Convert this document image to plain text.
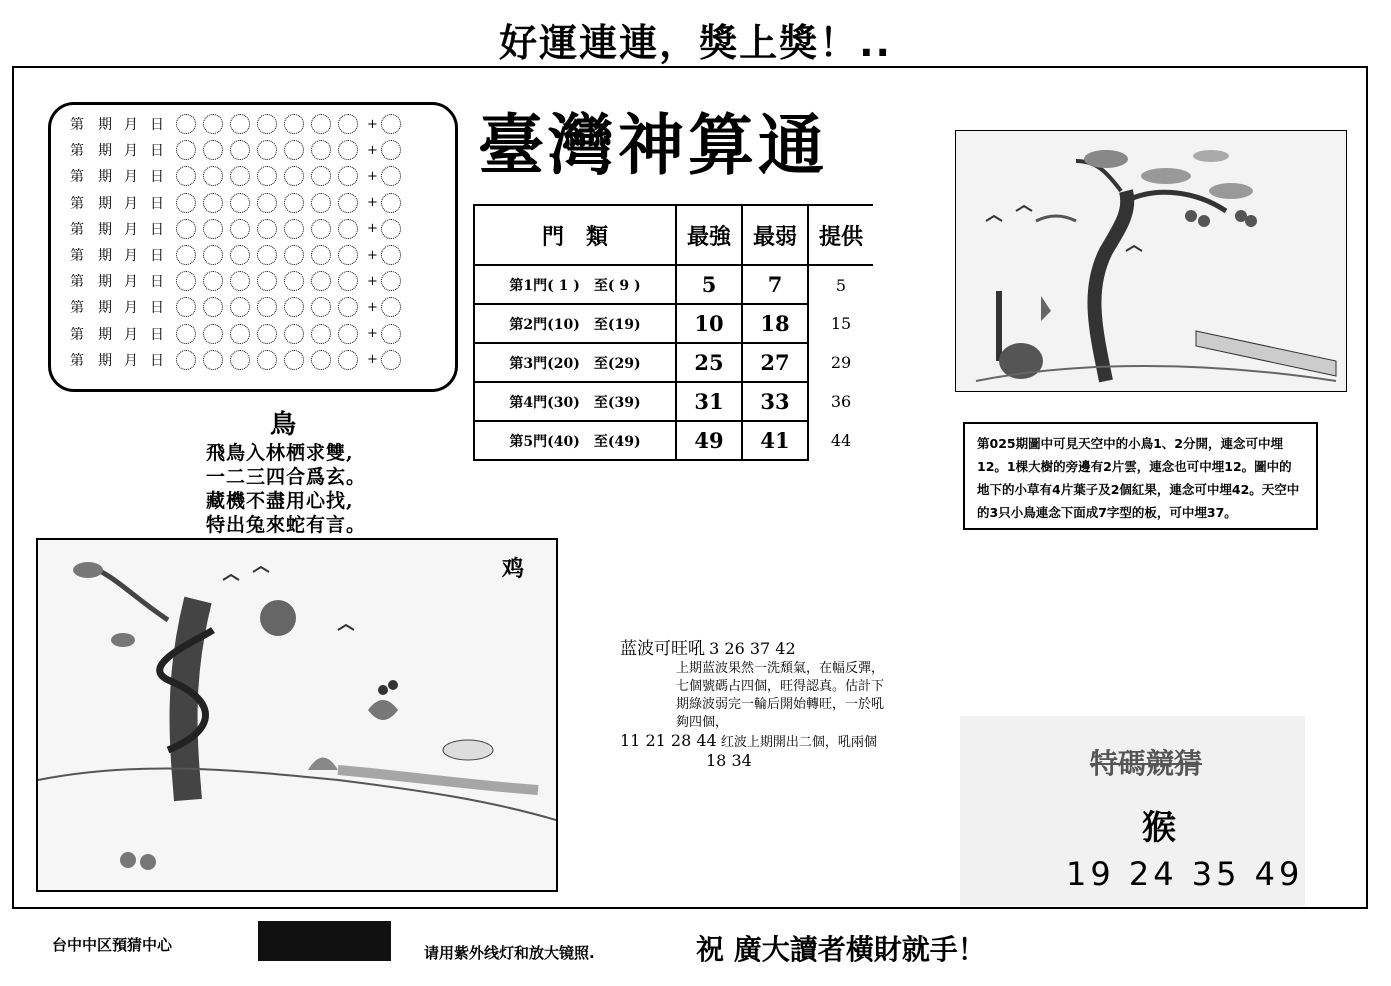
好運連連，獎上獎！..
第	期 月 日	+
第	期 月 日	+
第	期 月 日	+
第	期 月 日	+
第	期 月 日	+
第	期 月 日	+
第	期 月 日	+
第	期 月 日	+
第	期 月 日	+
第	期 月 日	+
臺灣神算通
門　類	最強	最弱	提供
第1門( 1 )　至( 9 )	5	7	5
第2門(10)　至(19)	10	18	15
第3門(20)　至(29)	25	27	29
第4門(30)　至(39)	31	33	36
第5門(40)　至(49)	49	41	44
鳥
飛鳥入林栖求雙,
一二三四合爲玄。
藏機不盡用心找,
特出兔來蛇有言。
第025期圖中可見天空中的小鳥1、2分開，連念可中埋12。1棵大樹的旁邊有2片雲，連念也可中埋12。圖中的地下的小草有4片葉子及2個紅果，連念可中埋42。天空中的3只小鳥連念下面成7字型的板，可中埋37。
鸡
蓝波可旺吼 3 26 37 42
上期蓝波果然一洗頹氣，在幅反彈，七個號碼占四個，旺得認真。估計下期綠波弱完一輪后開始轉旺，一於吼夠四個，
11 21 28 44 红波上期開出二個，吼兩個
18 34	特碼競猜
猴
19 24 35 49
台中中区預猜中心	请用紫外线灯和放大镜照.	祝 廣大讀者橫財就手！
